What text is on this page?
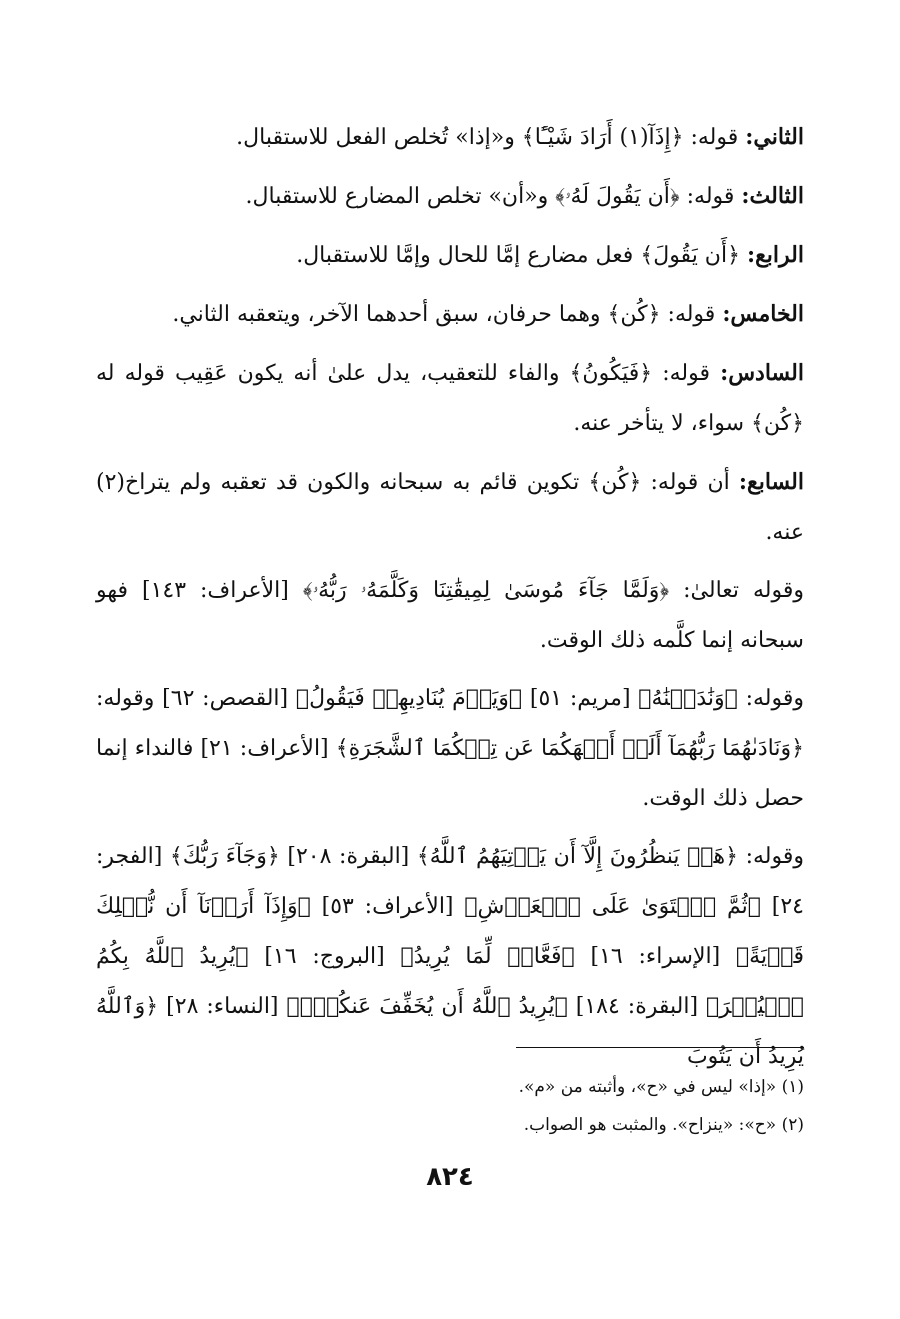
الثاني: قوله: ﴿إِذَآ(١) أَرَادَ شَيْـًٔا﴾ و«إذا» تُخلص الفعل للاستقبال.

الثالث: قوله: ﴿أَن يَقُولَ لَهُۥ﴾ و«أن» تخلص المضارع للاستقبال.

الرابع: ﴿أَن يَقُولَ﴾ فعل مضارع إمَّا للحال وإمَّا للاستقبال.

الخامس: قوله: ﴿كُن﴾ وهما حرفان، سبق أحدهما الآخر، ويتعقبه الثاني.

السادس: قوله: ﴿فَيَكُونُ﴾ والفاء للتعقيب، يدل علىٰ أنه يكون عَقِيب قوله له ﴿كُن﴾ سواء، لا يتأخر عنه.

السابع: أن قوله: ﴿كُن﴾ تكوين قائم به سبحانه والكون قد تعقبه ولم يتراخ(٢) عنه.

وقوله تعالىٰ: ﴿وَلَمَّا جَآءَ مُوسَىٰ لِمِيقَٰتِنَا وَكَلَّمَهُۥ رَبُّهُۥ﴾ [الأعراف: ١٤٣] فهو سبحانه إنما كلَّمه ذلك الوقت.

وقوله: ﴿وَنَٰدَيۡنَٰهُ﴾ [مريم: ٥١] ﴿وَيَوۡمَ يُنَادِيهِمۡ فَيَقُولُ﴾ [القصص: ٦٢] وقوله: ﴿وَنَادَىٰهُمَا رَبُّهُمَآ أَلَمۡ أَنۡهَكُمَا عَن تِلۡكُمَا ٱلشَّجَرَةِ﴾ [الأعراف: ٢١] فالنداء إنما حصل ذلك الوقت.

وقوله: ﴿هَلۡ يَنظُرُونَ إِلَّآ أَن يَأۡتِيَهُمُ ٱللَّهُ﴾ [البقرة: ٢٠٨] ﴿وَجَآءَ رَبُّكَ﴾ [الفجر: ٢٤] ﴿ثُمَّ ٱسۡتَوَىٰ عَلَى ٱلۡعَرۡشِ﴾ [الأعراف: ٥٣] ﴿وَإِذَآ أَرَدۡنَآ أَن نُّهۡلِكَ قَرۡيَةً﴾ [الإسراء: ١٦] ﴿فَعَّالٞ لِّمَا يُرِيدُ﴾ [البروج: ١٦] ﴿يُرِيدُ ٱللَّهُ بِكُمُ ٱلۡيُسۡرَ﴾ [البقرة: ١٨٤] ﴿يُرِيدُ ٱللَّهُ أَن يُخَفِّفَ عَنكُمۡۚ﴾ [النساء: ٢٨] ﴿وَٱللَّهُ يُرِيدُ أَن يَتُوبَ

(١) «إذا» ليس في «ح»، وأثبته من «م».
(٢) «ح»: «ينزاح». والمثبت هو الصواب.
٨٢٤
